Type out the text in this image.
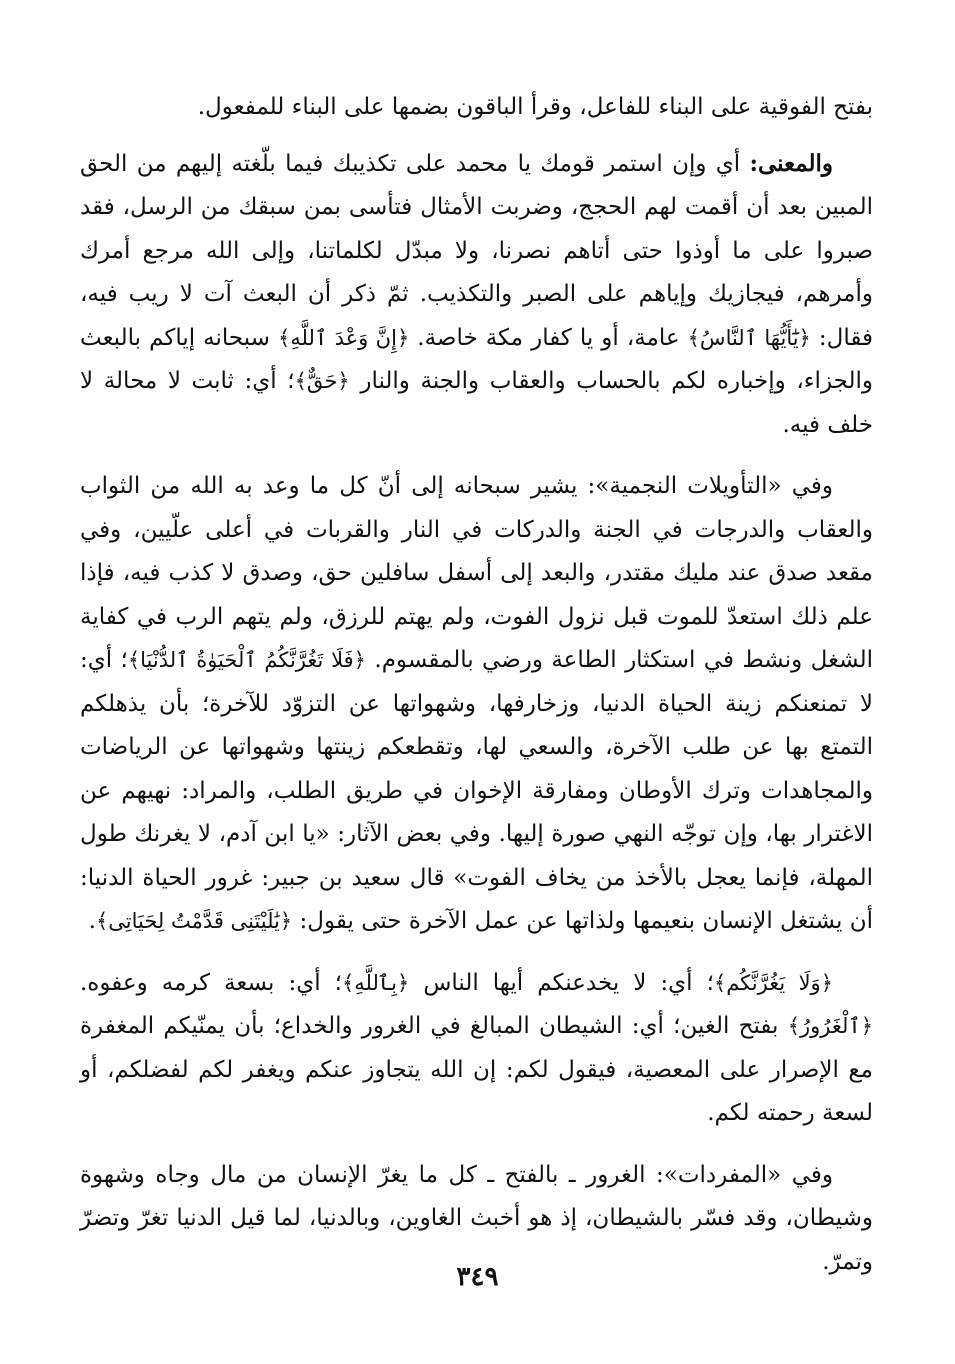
بفتح الفوقية على البناء للفاعل، وقرأ الباقون بضمها على البناء للمفعول.

والمعنى: أي وإن استمر قومك يا محمد على تكذيبك فيما بلّغته إليهم من الحق المبين بعد أن أقمت لهم الحجج، وضربت الأمثال فتأسى بمن سبقك من الرسل، فقد صبروا على ما أوذوا حتى أتاهم نصرنا، ولا مبدّل لكلماتنا، وإلى الله مرجع أمرك وأمرهم، فيجازيك وإياهم على الصبر والتكذيب. ثمّ ذكر أن البعث آت لا ريب فيه، فقال: ﴿يَٰٓأَيُّهَا ٱلنَّاسُ﴾ عامة، أو يا كفار مكة خاصة. ﴿إِنَّ وَعْدَ ٱللَّهِ﴾ سبحانه إياكم بالبعث والجزاء، وإخباره لكم بالحساب والعقاب والجنة والنار ﴿حَقٌّ﴾؛ أي: ثابت لا محالة لا خلف فيه.

وفي «التأويلات النجمية»: يشير سبحانه إلى أنّ كل ما وعد به الله من الثواب والعقاب والدرجات في الجنة والدركات في النار والقربات في أعلى علّيين، وفي مقعد صدق عند مليك مقتدر، والبعد إلى أسفل سافلين حق، وصدق لا كذب فيه، فإذا علم ذلك استعدّ للموت قبل نزول الفوت، ولم يهتم للرزق، ولم يتهم الرب في كفاية الشغل ونشط في استكثار الطاعة ورضي بالمقسوم. ﴿فَلَا تَغُرَّنَّكُمُ ٱلْحَيَوٰةُ ٱلدُّنْيَا﴾؛ أي: لا تمنعنكم زينة الحياة الدنيا، وزخارفها، وشهواتها عن التزوّد للآخرة؛ بأن يذهلكم التمتع بها عن طلب الآخرة، والسعي لها، وتقطعكم زينتها وشهواتها عن الرياضات والمجاهدات وترك الأوطان ومفارقة الإخوان في طريق الطلب، والمراد: نهيهم عن الاغترار بها، وإن توجّه النهي صورة إليها. وفي بعض الآثار: «يا ابن آدم، لا يغرنك طول المهلة، فإنما يعجل بالأخذ من يخاف الفوت» قال سعيد بن جبير: غرور الحياة الدنيا: أن يشتغل الإنسان بنعيمها ولذاتها عن عمل الآخرة حتى يقول: ﴿يَٰلَيْتَنِى قَدَّمْتُ لِحَيَاتِى﴾.

﴿وَلَا يَغُرَّنَّكُم﴾؛ أي: لا يخدعنكم أيها الناس ﴿بِٱللَّهِ﴾؛ أي: بسعة كرمه وعفوه. ﴿ٱلْغَرُورُ﴾ بفتح الغين؛ أي: الشيطان المبالغ في الغرور والخداع؛ بأن يمنّيكم المغفرة مع الإصرار على المعصية، فيقول لكم: إن الله يتجاوز عنكم ويغفر لكم لفضلكم، أو لسعة رحمته لكم.

وفي «المفردات»: الغرور ـ بالفتح ـ كل ما يغرّ الإنسان من مال وجاه وشهوة وشيطان، وقد فسّر بالشيطان، إذ هو أخبث الغاوين، وبالدنيا، لما قيل الدنيا تغرّ وتضرّ وتمرّ.

٣٤٩
